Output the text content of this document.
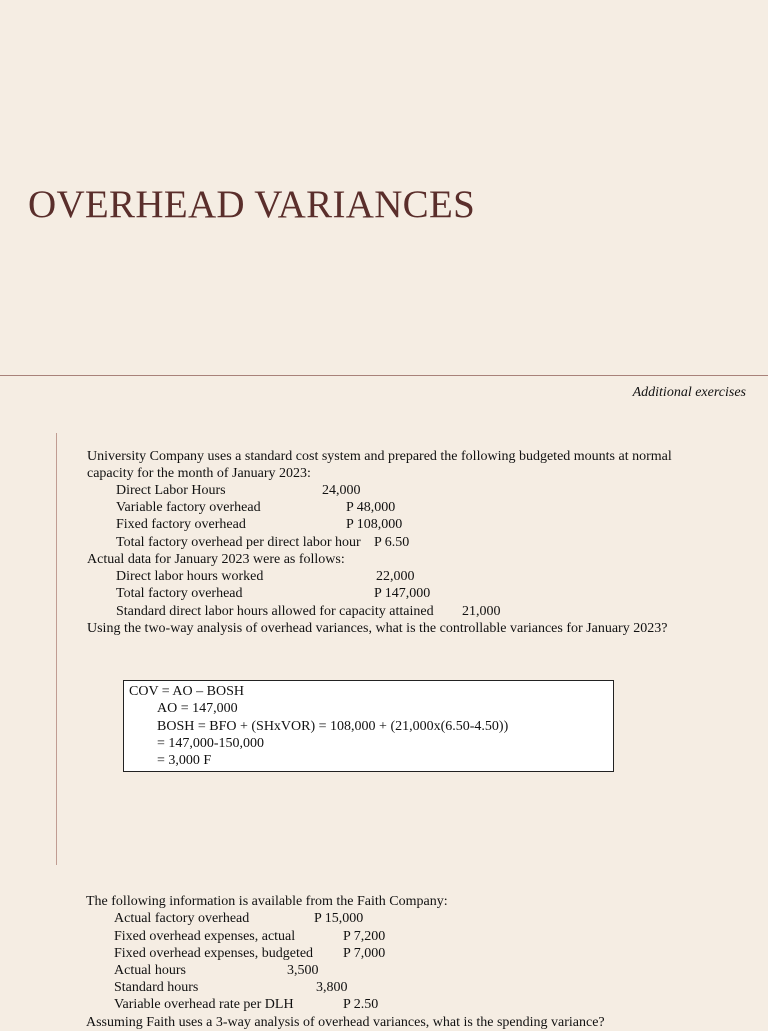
OVERHEAD VARIANCES
Additional exercises
University Company uses a standard cost system and prepared the following budgeted mounts at normal
capacity for the month of January 2023:
Direct Labor Hours	24,000
Variable factory overhead	P 48,000
Fixed factory overhead	P 108,000
Total factory overhead per direct labor hour P 6.50
Actual data for January 2023 were as follows:
Direct labor hours worked	22,000
Total factory overhead	P 147,000
Standard direct labor hours allowed for capacity attained 21,000
Using the two-way analysis of overhead variances, what is the controllable variances for January 2023?
COV = AO – BOSH
AO = 147,000
BOSH = BFO + (SHxVOR) = 108,000 + (21,000x(6.50-4.50))
= 147,000-150,000
= 3,000 F
The following information is available from the Faith Company:
Actual factory overhead	P 15,000
Fixed overhead expenses, actual	P 7,200
Fixed overhead expenses, budgeted P 7,000
Actual hours	3,500
Standard hours	3,800
Variable overhead rate per DLH	P 2.50
Assuming Faith uses a 3-way analysis of overhead variances, what is the spending variance?
